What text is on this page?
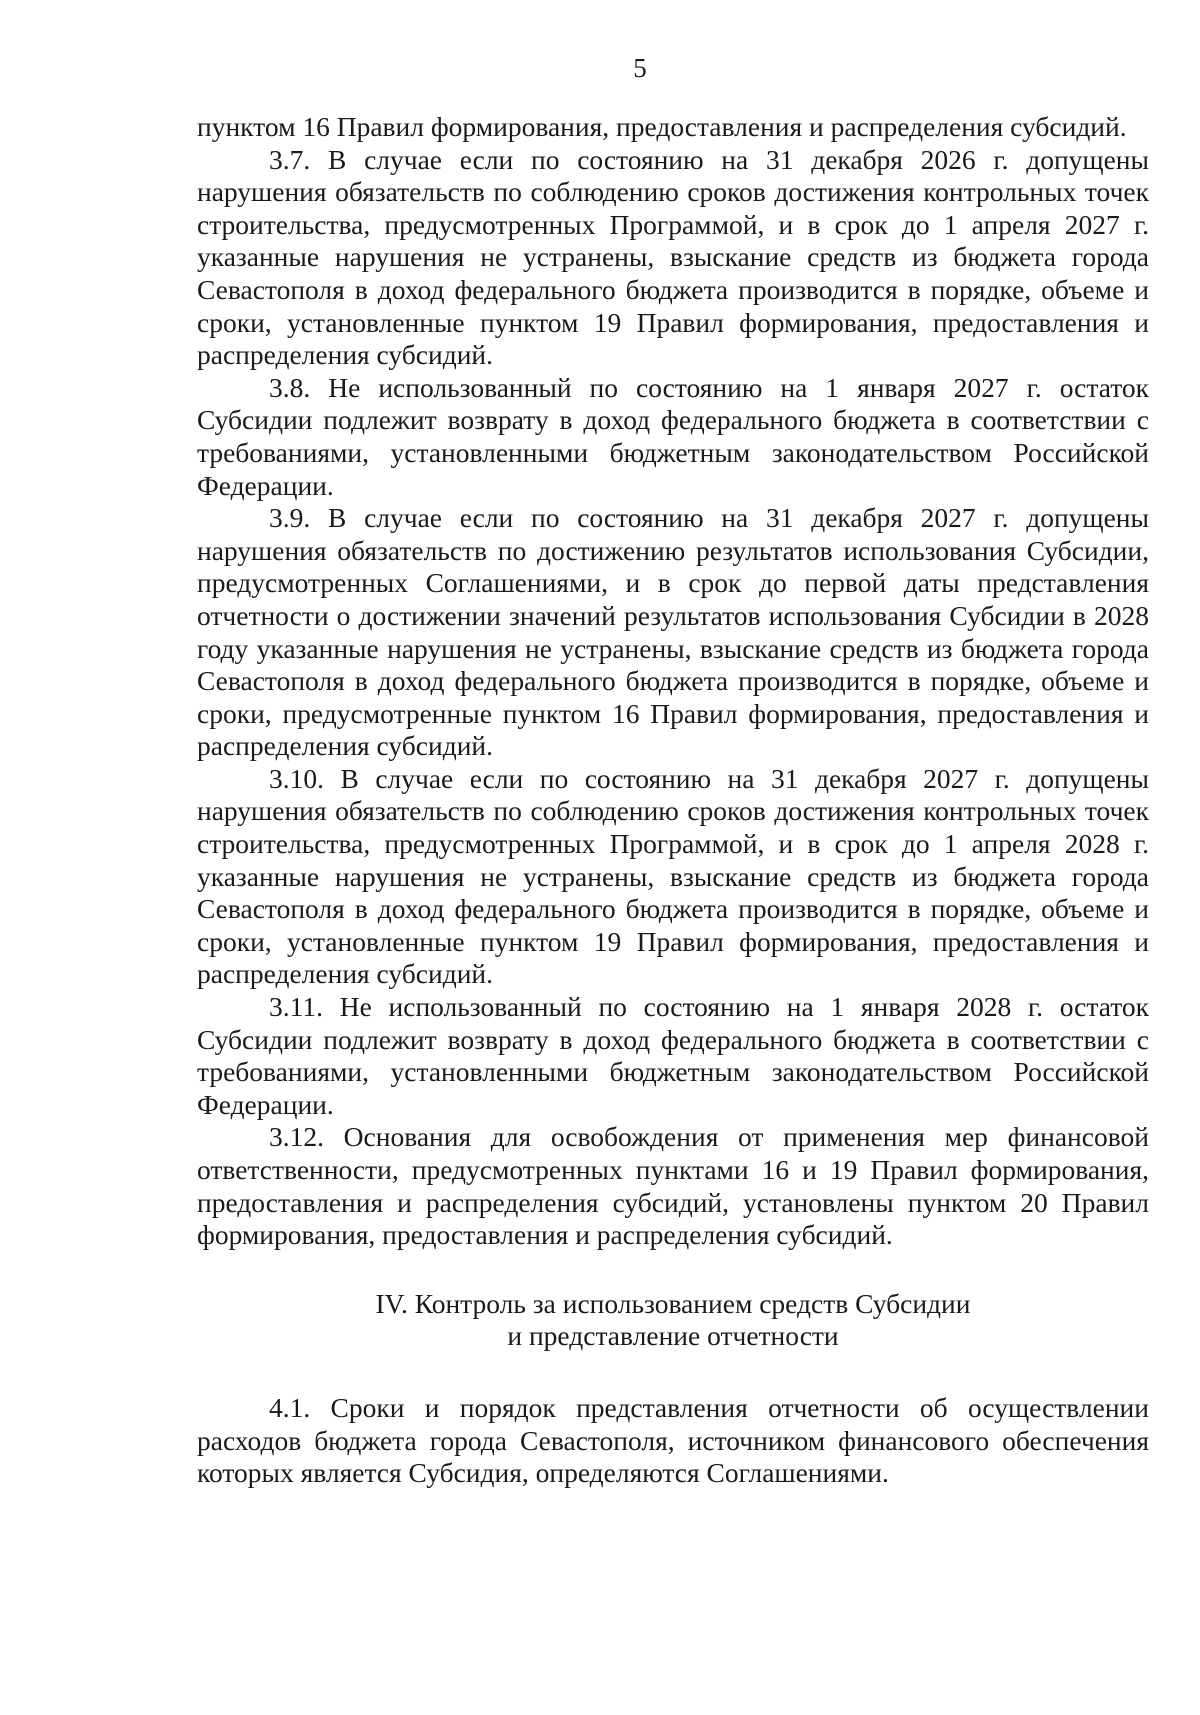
5

пунктом 16 Правил формирования, предоставления и распределения субсидий.

3.7. В случае если по состоянию на 31 декабря 2026 г. допущены нарушения обязательств по соблюдению сроков достижения контрольных точек строительства, предусмотренных Программой, и в срок до 1 апреля 2027 г. указанные нарушения не устранены, взыскание средств из бюджета города Севастополя в доход федерального бюджета производится в порядке, объеме и сроки, установленные пунктом 19 Правил формирования, предоставления и распределения субсидий.

3.8. Не использованный по состоянию на 1 января 2027 г. остаток Субсидии подлежит возврату в доход федерального бюджета в соответствии с требованиями, установленными бюджетным законодательством Российской Федерации.

3.9. В случае если по состоянию на 31 декабря 2027 г. допущены нарушения обязательств по достижению результатов использования Субсидии, предусмотренных Соглашениями, и в срок до первой даты представления отчетности о достижении значений результатов использования Субсидии в 2028 году указанные нарушения не устранены, взыскание средств из бюджета города Севастополя в доход федерального бюджета производится в порядке, объеме и сроки, предусмотренные пунктом 16 Правил формирования, предоставления и распределения субсидий.

3.10. В случае если по состоянию на 31 декабря 2027 г. допущены нарушения обязательств по соблюдению сроков достижения контрольных точек строительства, предусмотренных Программой, и в срок до 1 апреля 2028 г. указанные нарушения не устранены, взыскание средств из бюджета города Севастополя в доход федерального бюджета производится в порядке, объеме и сроки, установленные пунктом 19 Правил формирования, предоставления и распределения субсидий.

3.11. Не использованный по состоянию на 1 января 2028 г. остаток Субсидии подлежит возврату в доход федерального бюджета в соответствии с требованиями, установленными бюджетным законодательством Российской Федерации.

3.12. Основания для освобождения от применения мер финансовой ответственности, предусмотренных пунктами 16 и 19 Правил формирования, предоставления и распределения субсидий, установлены пунктом 20 Правил формирования, предоставления и распределения субсидий.

IV. Контроль за использованием средств Субсидии
и представление отчетности

4.1. Сроки и порядок представления отчетности об осуществлении расходов бюджета города Севастополя, источником финансового обеспечения которых является Субсидия, определяются Соглашениями.
